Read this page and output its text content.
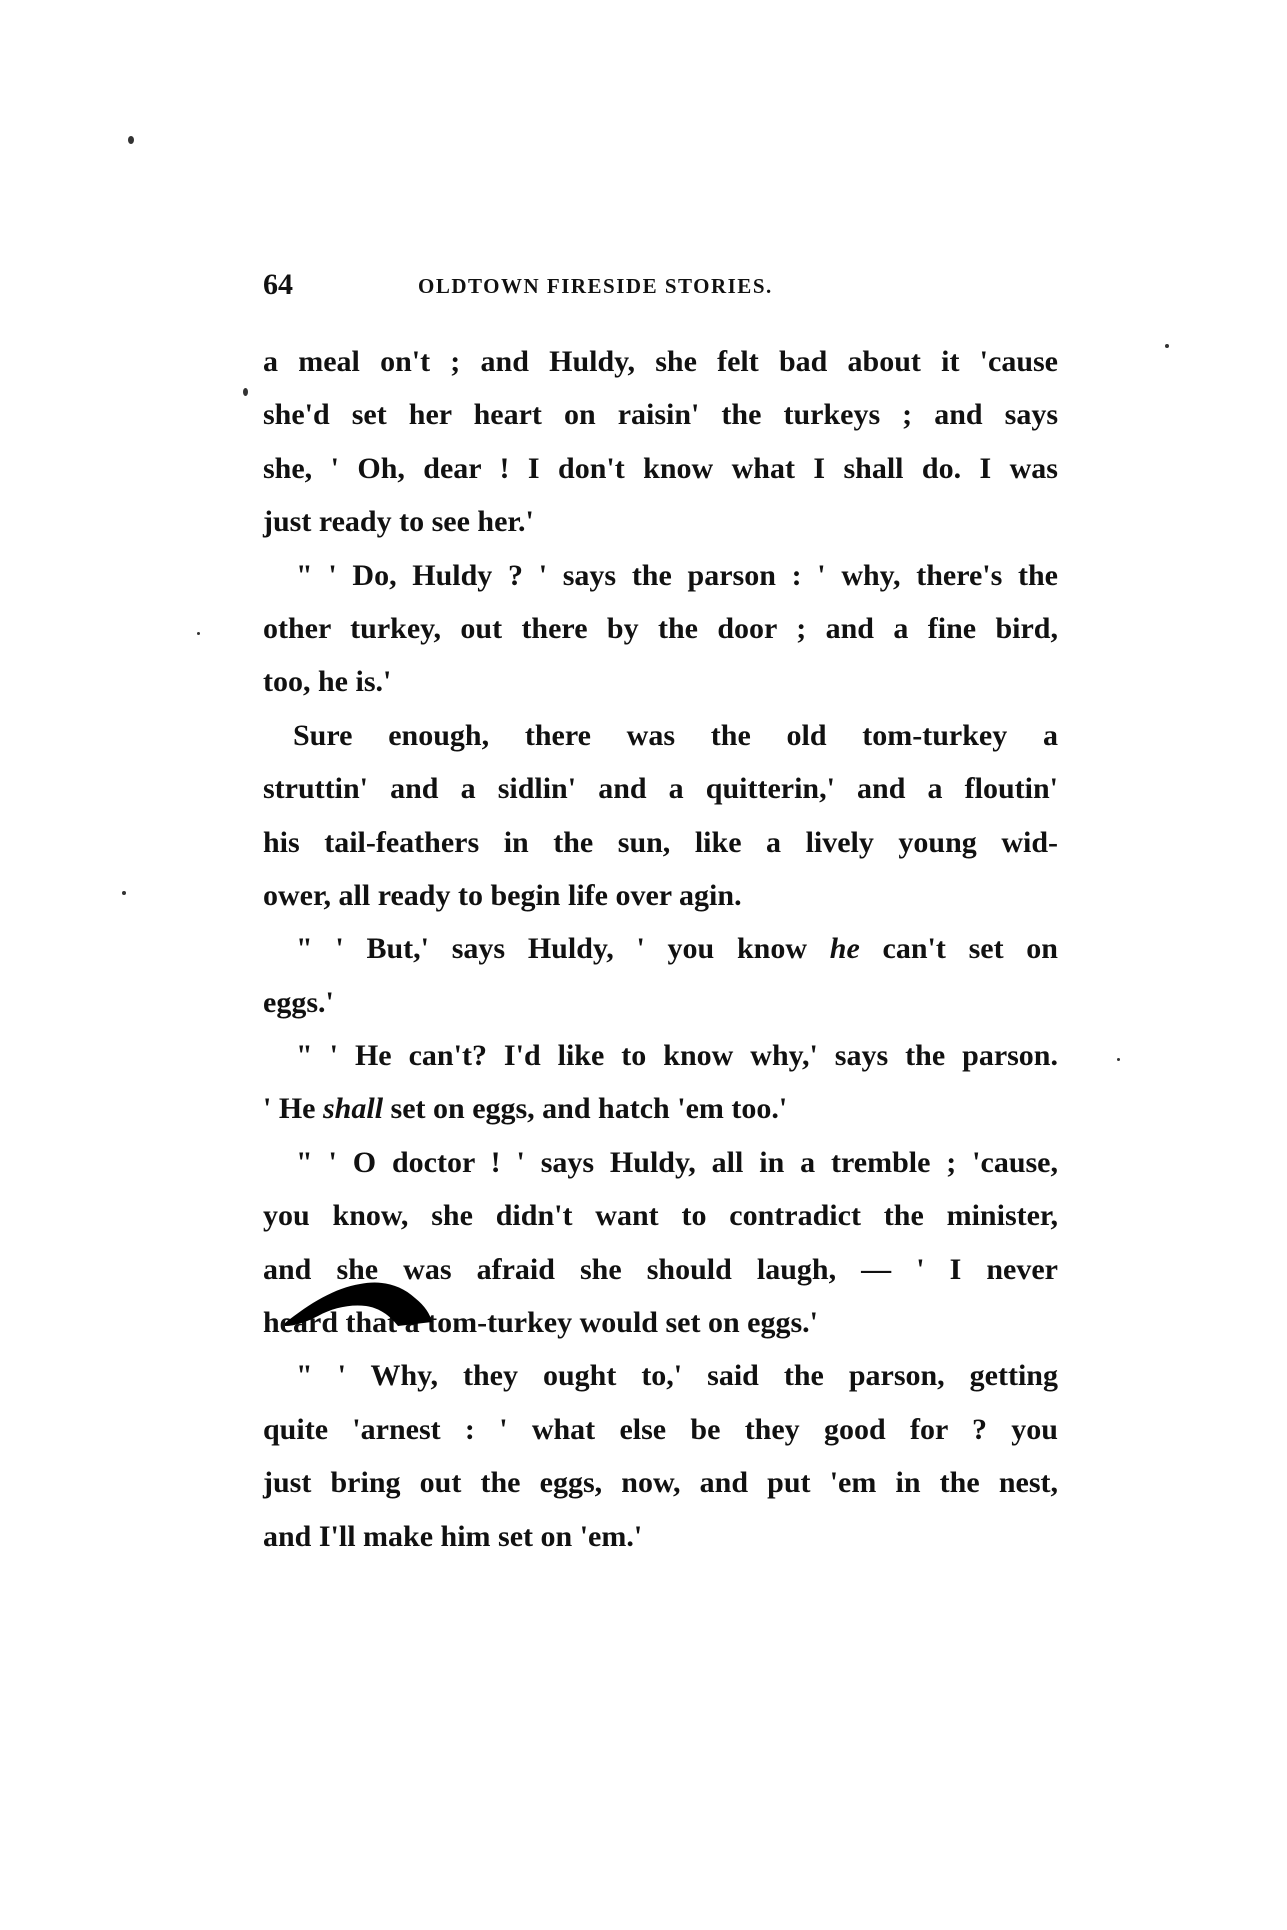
64	OLDTOWN FIRESIDE STORIES.
a meal on't ; and Huldy, she felt bad about it 'cause
she'd set her heart on raisin' the turkeys ; and says
she, ' Oh, dear ! I don't know what I shall do. I was
just ready to see her.'
" ' Do, Huldy ? ' says the parson : ' why, there's the
other turkey, out there by the door ; and a fine bird,
too, he is.'
Sure enough, there was the old tom-turkey a
struttin' and a sidlin' and a quitterin,' and a floutin'
his tail-feathers in the sun, like a lively young wid-
ower, all ready to begin life over agin.
" ' But,' says Huldy, ' you know he can't set on
eggs.'
" ' He can't? I'd like to know why,' says the parson.
' He shall set on eggs, and hatch 'em too.'
" ' O doctor ! ' says Huldy, all in a tremble ; 'cause,
you know, she didn't want to contradict the minister,
and she was afraid she should laugh, — ' I never
heard that a tom-turkey would set on eggs.'
" ' Why, they ought to,' said the parson, getting
quite 'arnest : ' what else be they good for ? you
just bring out the eggs, now, and put 'em in the nest,
and I'll make him set on 'em.'
